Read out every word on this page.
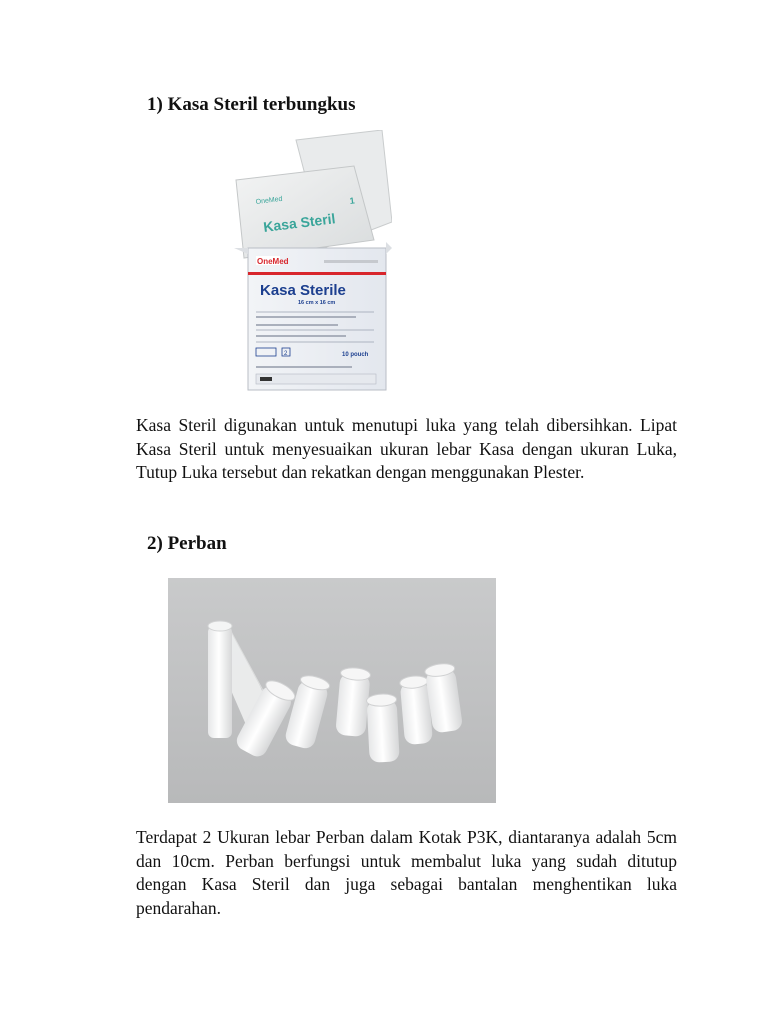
1) Kasa Steril terbungkus
OneMed
Kasa Steril
1
OneMed
Kasa Sterile
16 cm x 16 cm
2	10 pouch

Kasa Steril digunakan untuk menutupi luka yang telah dibersihkan. Lipat Kasa Steril untuk menyesuaikan ukuran lebar Kasa dengan ukuran Luka, Tutup Luka tersebut dan rekatkan dengan menggunakan Plester.

2) Perban

Terdapat 2 Ukuran lebar Perban dalam Kotak P3K, diantaranya adalah 5cm dan 10cm. Perban berfungsi untuk membalut luka yang sudah ditutup dengan Kasa Steril dan juga sebagai bantalan menghentikan luka pendarahan.
